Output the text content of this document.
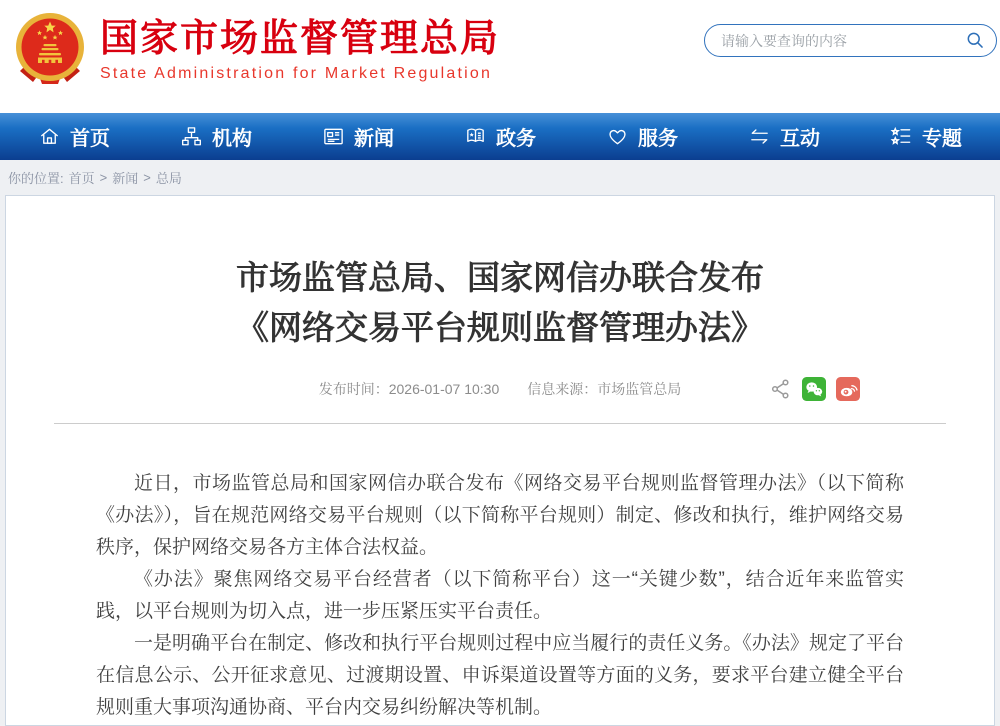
国家市场监督管理总局
State Administration for Market Regulation
请输入要查询的内容
首页	机构	新闻	政务	服务	互动	专题
你的位置: 首页 > 新闻 > 总局
市场监管总局、国家网信办联合发布
《网络交易平台规则监督管理办法》
发布时间：2026-01-07 10:30 信息来源：市场监管总局

近日，市场监管总局和国家网信办联合发布《网络交易平台规则监督管理办法》（以下简称《办法》），旨在规范网络交易平台规则（以下简称平台规则）制定、修改和执行，维护网络交易秩序，保护网络交易各方主体合法权益。

《办法》聚焦网络交易平台经营者（以下简称平台）这一“关键少数”，结合近年来监管实践，以平台规则为切入点，进一步压紧压实平台责任。

一是明确平台在制定、修改和执行平台规则过程中应当履行的责任义务。《办法》规定了平台在信息公示、公开征求意见、过渡期设置、申诉渠道设置等方面的义务，要求平台建立健全平台规则重大事项沟通协商、平台内交易纠纷解决等机制。
